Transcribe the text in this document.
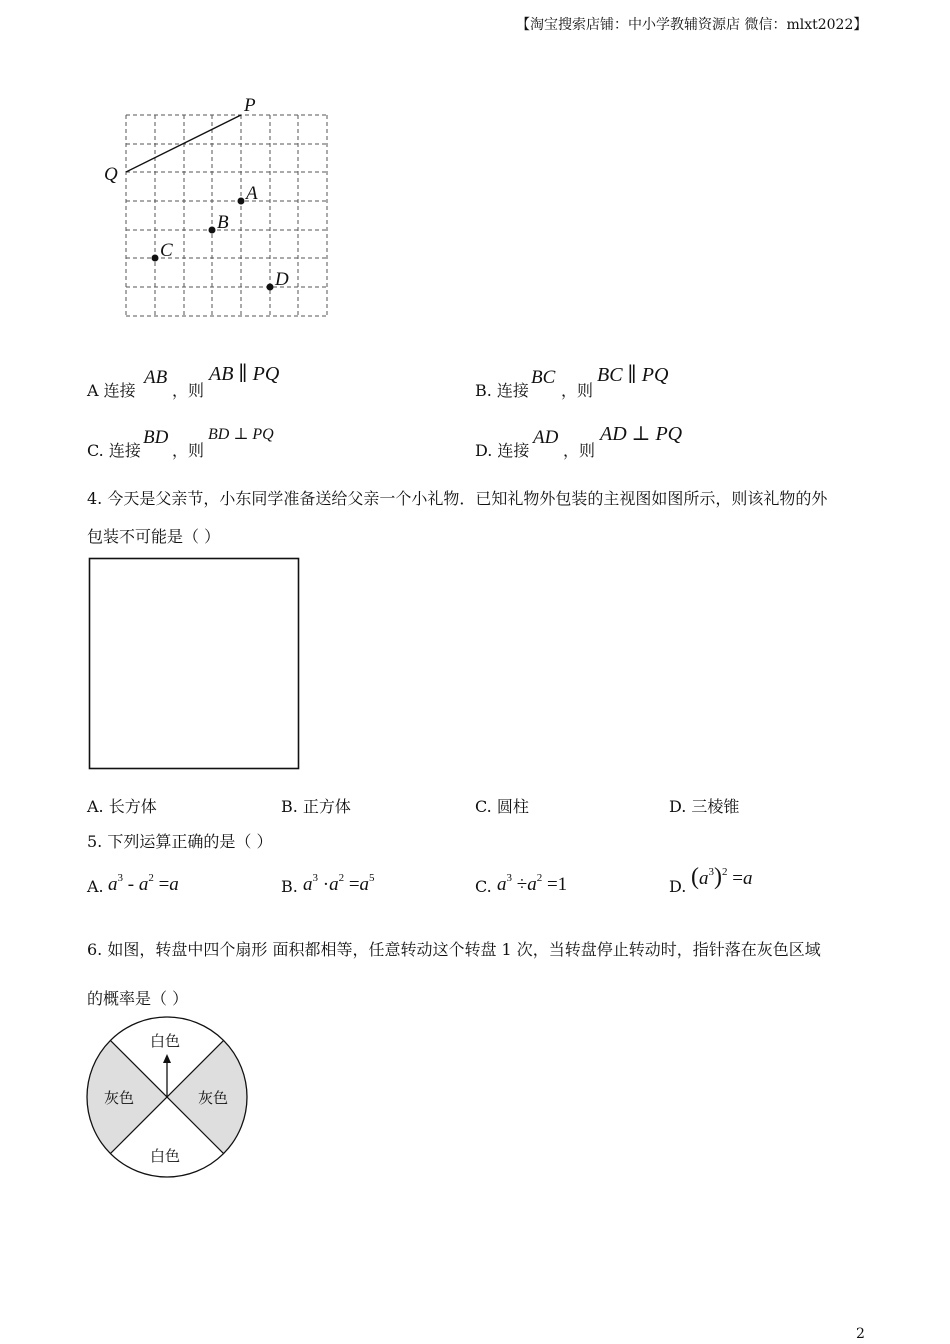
【淘宝搜索店铺：中小学教辅资源店 微信：mlxt2022】
P
Q
A
B
C
D
A 连接
AB
，则
AB ∥ PQ
B. 连接
BC
，则
BC ∥ PQ
C. 连接
BD
，则
BD ⊥ PQ
D. 连接
AD
，则
AD ⊥ PQ
4. 今天是父亲节，小东同学准备送给父亲一个小礼物．已知礼物外包装的主视图如图所示，则该礼物的外
包装不可能是（ ）
A. 长方体	B. 正方体	C. 圆柱	D. 三棱锥
5. 下列运算正确的是（ ）
A. $a^3 - a^2 =a$	B. $a^3 \cdot a^2 =a^5$	C. $a^3 \div a^2 =1$	D. $(a^3)^2 =a$
6. 如图，转盘中四个扇形 面积都相等，任意转动这个转盘 1 次，当转盘停止转动时，指针落在灰色区域
的概率是（ ）
白色
白色
灰色	灰色
2
